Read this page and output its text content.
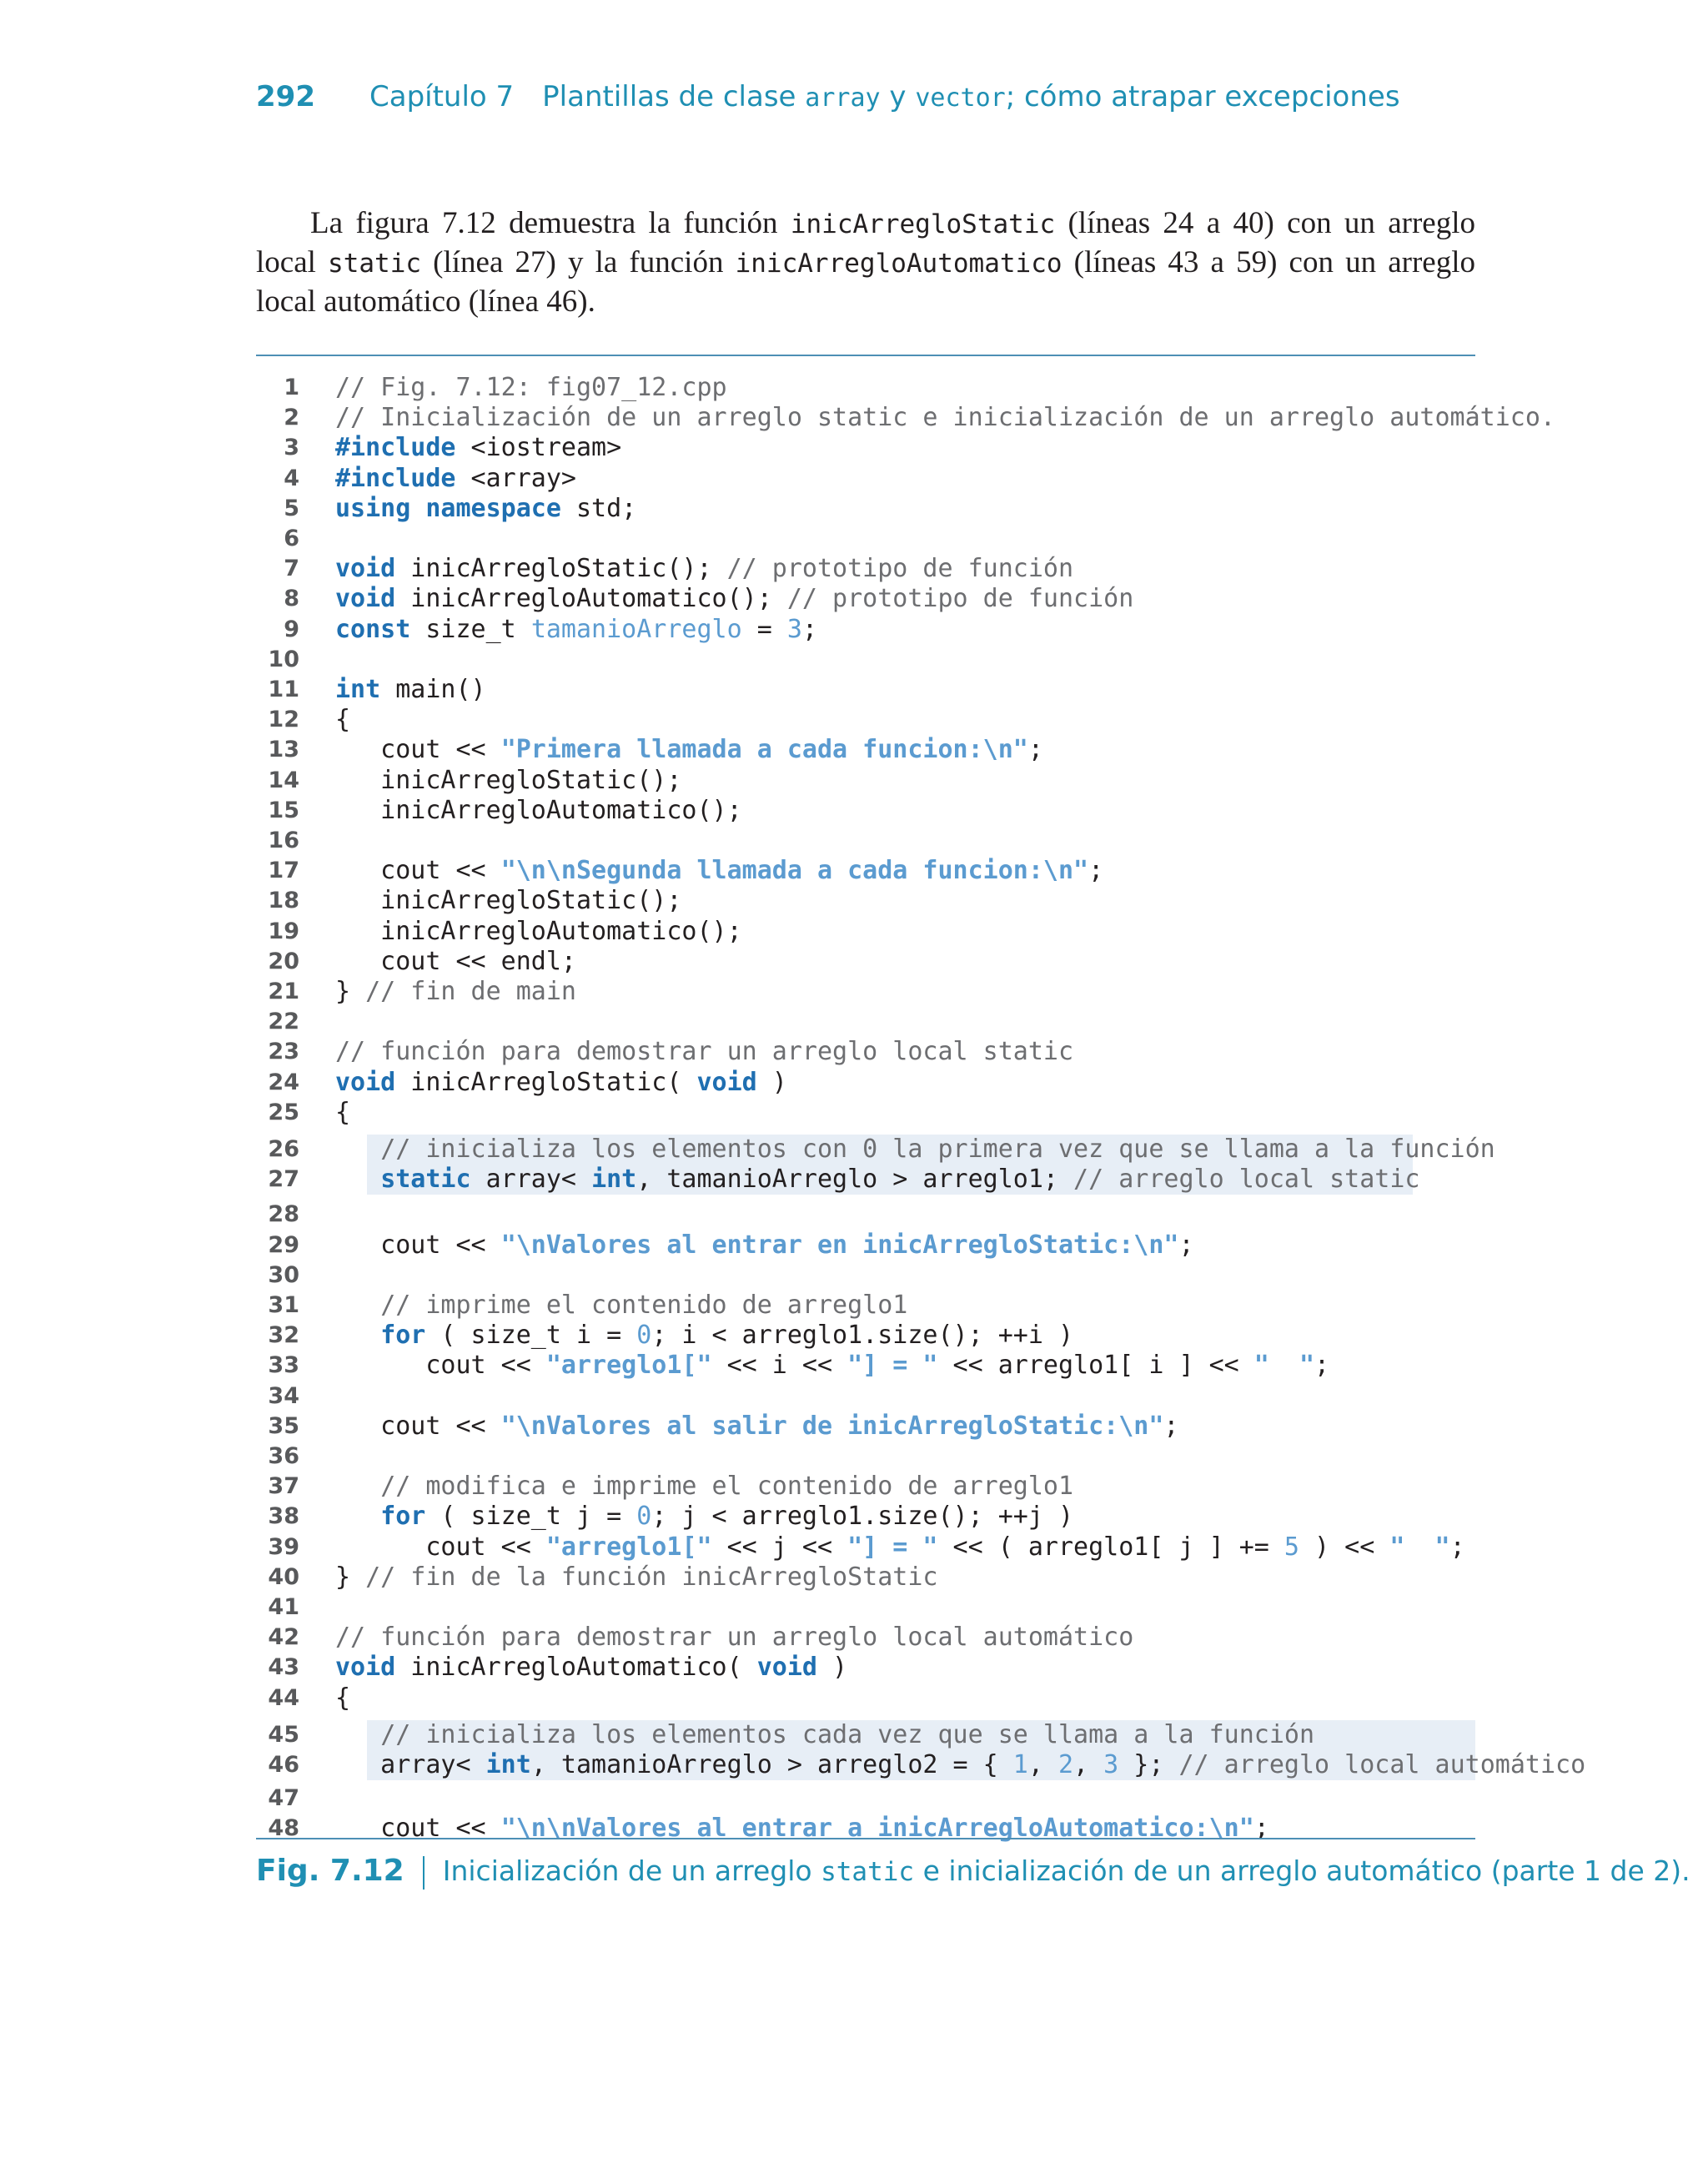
292 Capítulo 7 Plantillas de clase array y vector; cómo atrapar excepciones

La figura 7.12 demuestra la función inicArregloStatic (líneas 24 a 40) con un arreglo local static (línea 27) y la función inicArregloAutomatico (líneas 43 a 59) con un arreglo local automático (línea 46).

1 // Fig. 7.12: fig07_12.cpp
2 // Inicialización de un arreglo static e inicialización de un arreglo automático.
3 #include <iostream>
4 #include <array>
5 using namespace std;
6
7 void inicArregloStatic(); // prototipo de función
8 void inicArregloAutomatico(); // prototipo de función
9 const size_t tamanioArreglo = 3;
10
11 int main()
12 {
13 cout << "Primera llamada a cada funcion:\n";
14 inicArregloStatic();
15 inicArregloAutomatico();
16
17 cout << "\n\nSegunda llamada a cada funcion:\n";
18 inicArregloStatic();
19 inicArregloAutomatico();
20 cout << endl;
21 } // fin de main
22
23 // función para demostrar un arreglo local static
24 void inicArregloStatic( void )
25 {
26	// inicializa los elementos con 0 la primera vez que se llama a la función
27	static array< int, tamanioArreglo > arreglo1; // arreglo local static
28
29 cout << "\nValores al entrar en inicArregloStatic:\n";
30
31	// imprime el contenido de arreglo1
32	for ( size_t i = 0; i < arreglo1.size(); ++i )
33 cout << "arreglo1[" << i << "] = " << arreglo1[ i ] << "  ";
34
35 cout << "\nValores al salir de inicArregloStatic:\n";
36
37	// modifica e imprime el contenido de arreglo1
38	for ( size_t j = 0; j < arreglo1.size(); ++j )
39 cout << "arreglo1[" << j << "] = " << ( arreglo1[ j ] += 5 ) << "  ";
40 } // fin de la función inicArregloStatic
41
42 // función para demostrar un arreglo local automático
43 void inicArregloAutomatico( void )
44 {
45	// inicializa los elementos cada vez que se llama a la función
46 array< int, tamanioArreglo > arreglo2 = { 1, 2, 3 }; // arreglo local automático
47
48 cout << "\n\nValores al entrar a inicArregloAutomatico:\n";
Fig. 7.12 Inicialización de un arreglo static e inicialización de un arreglo automático (parte 1 de 2).
